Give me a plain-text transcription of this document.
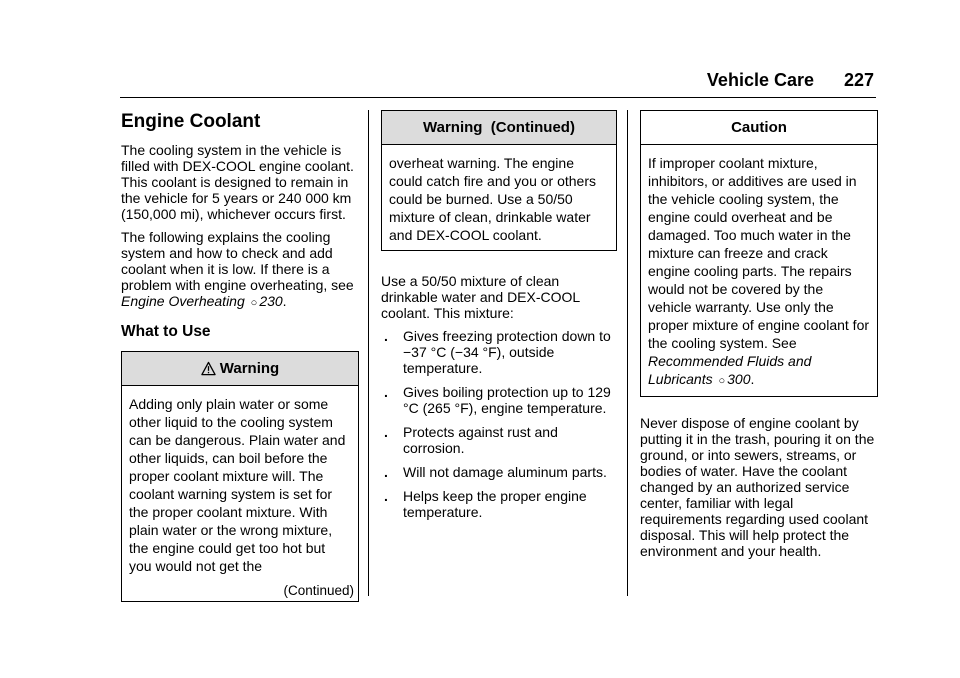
Vehicle Care 227
Engine Coolant

The cooling system in the vehicle is filled with DEX-COOL engine coolant. This coolant is designed to remain in the vehicle for 5 years or 240 000 km (150,000 mi), whichever occurs first.

The following explains the cooling system and how to check and add coolant when it is low. If there is a problem with engine overheating, see Engine Overheating ○ 230.

What to Use
Warning
Adding only plain water or some other liquid to the cooling system can be dangerous. Plain water and other liquids, can boil before the proper coolant mixture will. The coolant warning system is set for the proper coolant mixture. With plain water or the wrong mixture, the engine could get too hot but you would not get the
(Continued)
Warning  (Continued)
overheat warning. The engine could catch fire and you or others could be burned. Use a 50/50 mixture of clean, drinkable water and DEX-COOL coolant.

Use a 50/50 mixture of clean drinkable water and DEX-COOL coolant. This mixture:

. Gives freezing protection down to −37 °C (−34 °F), outside temperature.
. Gives boiling protection up to 129 °C (265 °F), engine temperature.
. Protects against rust and corrosion.
. Will not damage aluminum parts.
. Helps keep the proper engine temperature.
Caution
If improper coolant mixture, inhibitors, or additives are used in the vehicle cooling system, the engine could overheat and be damaged. Too much water in the mixture can freeze and crack engine cooling parts. The repairs would not be covered by the vehicle warranty. Use only the proper mixture of engine coolant for the cooling system. See Recommended Fluids and Lubricants ○ 300.

Never dispose of engine coolant by putting it in the trash, pouring it on the ground, or into sewers, streams, or bodies of water. Have the coolant changed by an authorized service center, familiar with legal requirements regarding used coolant disposal. This will help protect the environment and your health.
